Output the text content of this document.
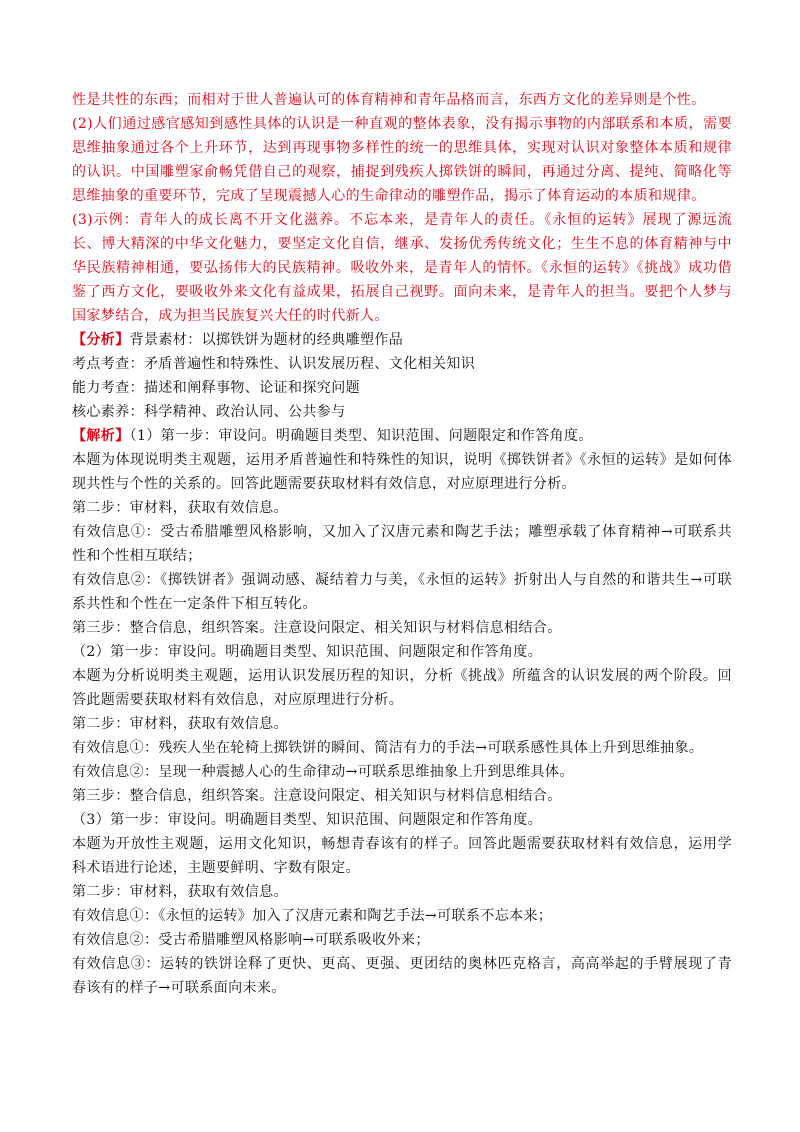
性是共性的东西；而相对于世人普遍认可的体育精神和青年品格而言，东西方文化的差异则是个性。

(2)人们通过感官感知到感性具体的认识是一种直观的整体表象，没有揭示事物的内部联系和本质，需要思维抽象通过各个上升环节，达到再现事物多样性的统一的思维具体，实现对认识对象整体本质和规律的认识。中国雕塑家俞畅凭借自己的观察，捕捉到残疾人掷铁饼的瞬间，再通过分离、提纯、简略化等思维抽象的重要环节，完成了呈现震撼人心的生命律动的雕塑作品，揭示了体育运动的本质和规律。

(3)示例：青年人的成长离不开文化滋养。不忘本来，是青年人的责任。《永恒的运转》展现了源远流长、博大精深的中华文化魅力，要坚定文化自信，继承、发扬优秀传统文化；生生不息的体育精神与中华民族精神相通，要弘扬伟大的民族精神。吸收外来，是青年人的情怀。《永恒的运转》《挑战》成功借鉴了西方文化，要吸收外来文化有益成果，拓展自己视野。面向未来，是青年人的担当。要把个人梦与国家梦结合，成为担当民族复兴大任的时代新人。

【分析】背景素材：以掷铁饼为题材的经典雕塑作品

考点考查：矛盾普遍性和特殊性、认识发展历程、文化相关知识

能力考查：描述和阐释事物、论证和探究问题

核心素养：科学精神、政治认同、公共参与

【解析】（1）第一步：审设问。明确题目类型、知识范围、问题限定和作答角度。

本题为体现说明类主观题，运用矛盾普遍性和特殊性的知识，说明《掷铁饼者》《永恒的运转》是如何体现共性与个性的关系的。回答此题需要获取材料有效信息，对应原理进行分析。

第二步：审材料，获取有效信息。

有效信息①：受古希腊雕塑风格影响，又加入了汉唐元素和陶艺手法；雕塑承载了体育精神→可联系共性和个性相互联结；

有效信息②：《掷铁饼者》强调动感、凝结着力与美，《永恒的运转》折射出人与自然的和谐共生→可联系共性和个性在一定条件下相互转化。

第三步：整合信息，组织答案。注意设问限定、相关知识与材料信息相结合。

（2）第一步：审设问。明确题目类型、知识范围、问题限定和作答角度。

本题为分析说明类主观题，运用认识发展历程的知识，分析《挑战》所蕴含的认识发展的两个阶段。回答此题需要获取材料有效信息，对应原理进行分析。

第二步：审材料，获取有效信息。

有效信息①：残疾人坐在轮椅上掷铁饼的瞬间、简洁有力的手法→可联系感性具体上升到思维抽象。

有效信息②：呈现一种震撼人心的生命律动→可联系思维抽象上升到思维具体。

第三步：整合信息，组织答案。注意设问限定、相关知识与材料信息相结合。

（3）第一步：审设问。明确题目类型、知识范围、问题限定和作答角度。

本题为开放性主观题，运用文化知识，畅想青春该有的样子。回答此题需要获取材料有效信息，运用学科术语进行论述，主题要鲜明、字数有限定。

第二步：审材料，获取有效信息。

有效信息①：《永恒的运转》加入了汉唐元素和陶艺手法→可联系不忘本来；

有效信息②：受古希腊雕塑风格影响→可联系吸收外来；

有效信息③：运转的铁饼诠释了更快、更高、更强、更团结的奥林匹克格言，高高举起的手臂展现了青春该有的样子→可联系面向未来。
